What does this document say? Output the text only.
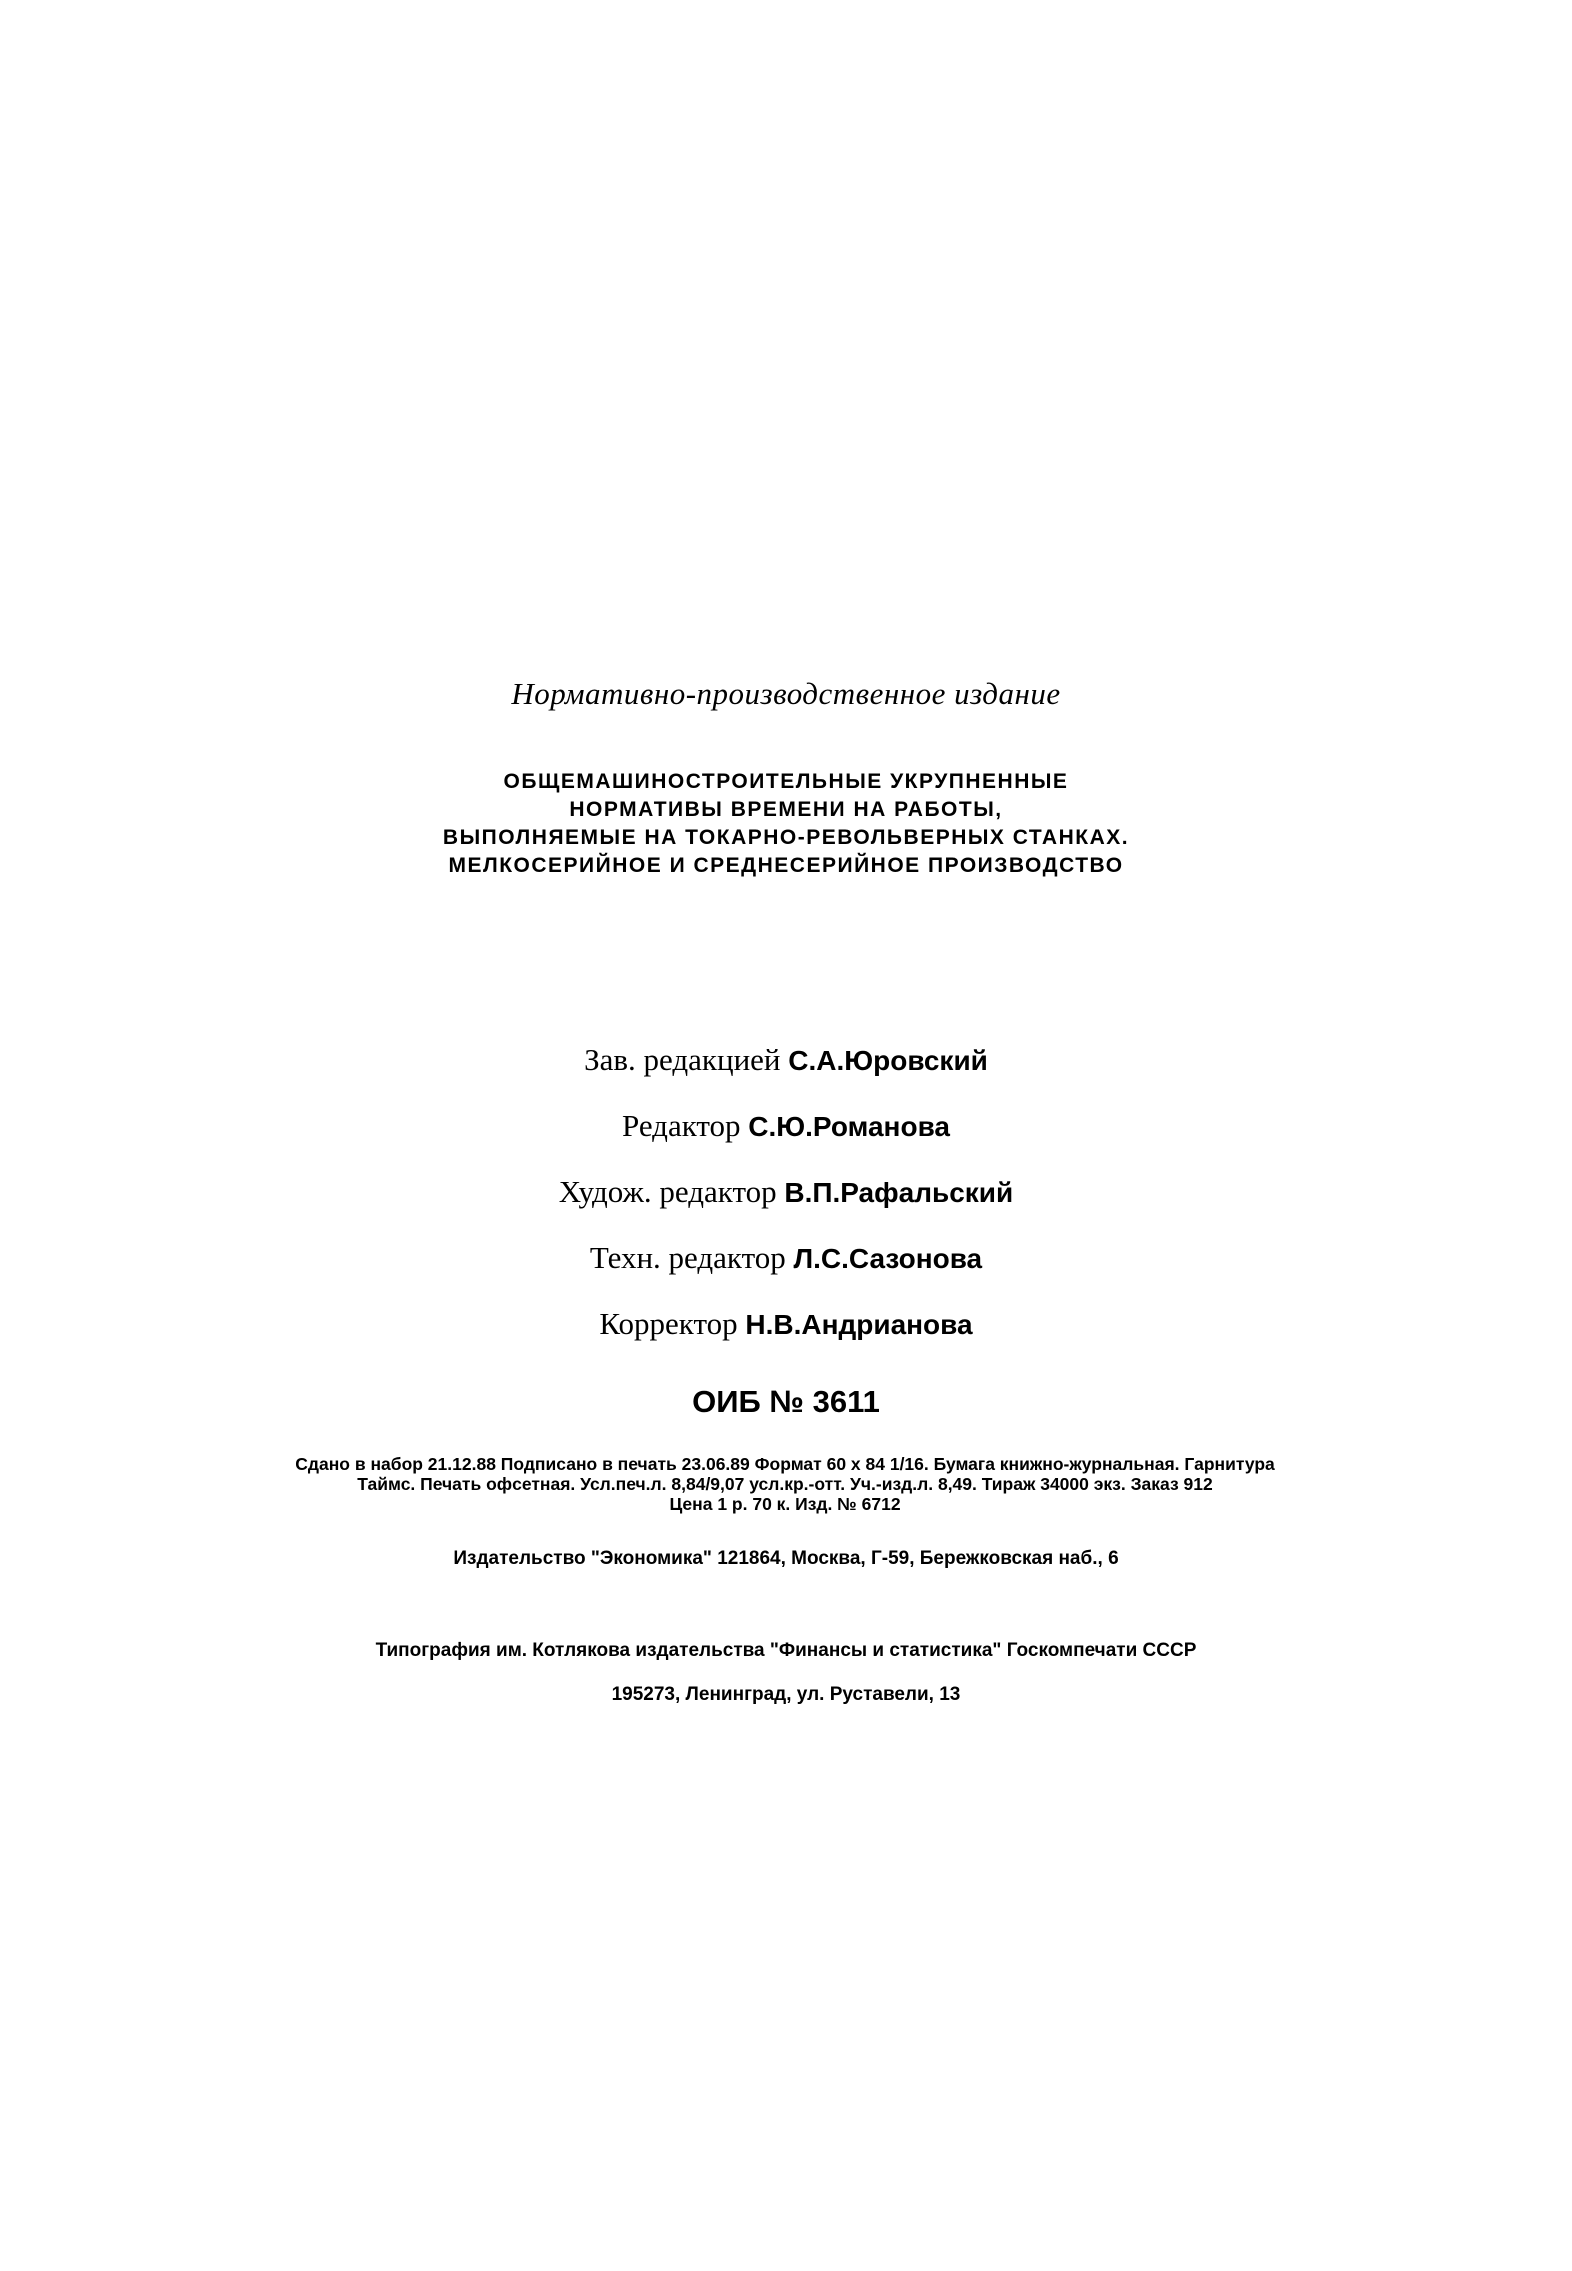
Нормативно-производственное издание
ОБЩЕМАШИНОСТРОИТЕЛЬНЫЕ УКРУПНЕННЫЕ
НОРМАТИВЫ ВРЕМЕНИ НА РАБОТЫ,
ВЫПОЛНЯЕМЫЕ НА ТОКАРНО-РЕВОЛЬВЕРНЫХ СТАНКАХ.
МЕЛКОСЕРИЙНОЕ И СРЕДНЕСЕРИЙНОЕ ПРОИЗВОДСТВО
Зав. редакцией С.А.Юровский
Редактор С.Ю.Романова
Худож. редактор В.П.Рафальский
Техн. редактор Л.С.Сазонова
Корректор Н.В.Андрианова
ОИБ № 3611
Сдано в набор 21.12.88 Подписано в печать 23.06.89 Формат 60 х 84 1/16. Бумага книжно-журнальная. Гарнитура
Таймс. Печать офсетная. Усл.печ.л. 8,84/9,07 усл.кр.-отт. Уч.-изд.л. 8,49. Тираж 34000 экз. Заказ 912
Цена 1 р. 70 к. Изд. № 6712
Издательство "Экономика" 121864, Москва, Г-59, Бережковская наб., 6
Типография им. Котлякова издательства "Финансы и статистика" Госкомпечати СССР
195273, Ленинград, ул. Руставели, 13
